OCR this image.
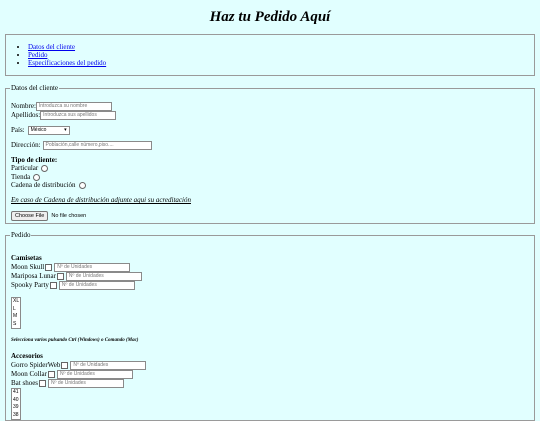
Haz tu Pedido Aquí
• Datos del cliente
• Pedido
• Especificaciones del pedido
Datos del cliente
Nombre: Introduzca su nombre
Apellidos: Introduzca sus apellidos
País:	México	▾
Dirección:	Población,calle número,piso....
Tipo de cliente:
Particular
Tienda
Cadena de distribución
En caso de Cadena de distribución adjunte aqui su acreditación
Choose File	No file chosen
Pedido
Camisetas
Moon Skull	Nº de Unidades
Mariposa Lunar	Nº de Unidades
Spooky Party	Nº de Unidades
XL
L
M
S
Selecciona varios pulsando Ctrl (Windows) o Comando (Mac)
Accesorios
Gorro SpiderWeb	Nº de Unidades
Moon Collar	Nº de Unidades
Bat shoes	Nº de Unidades
41
40
39
38
